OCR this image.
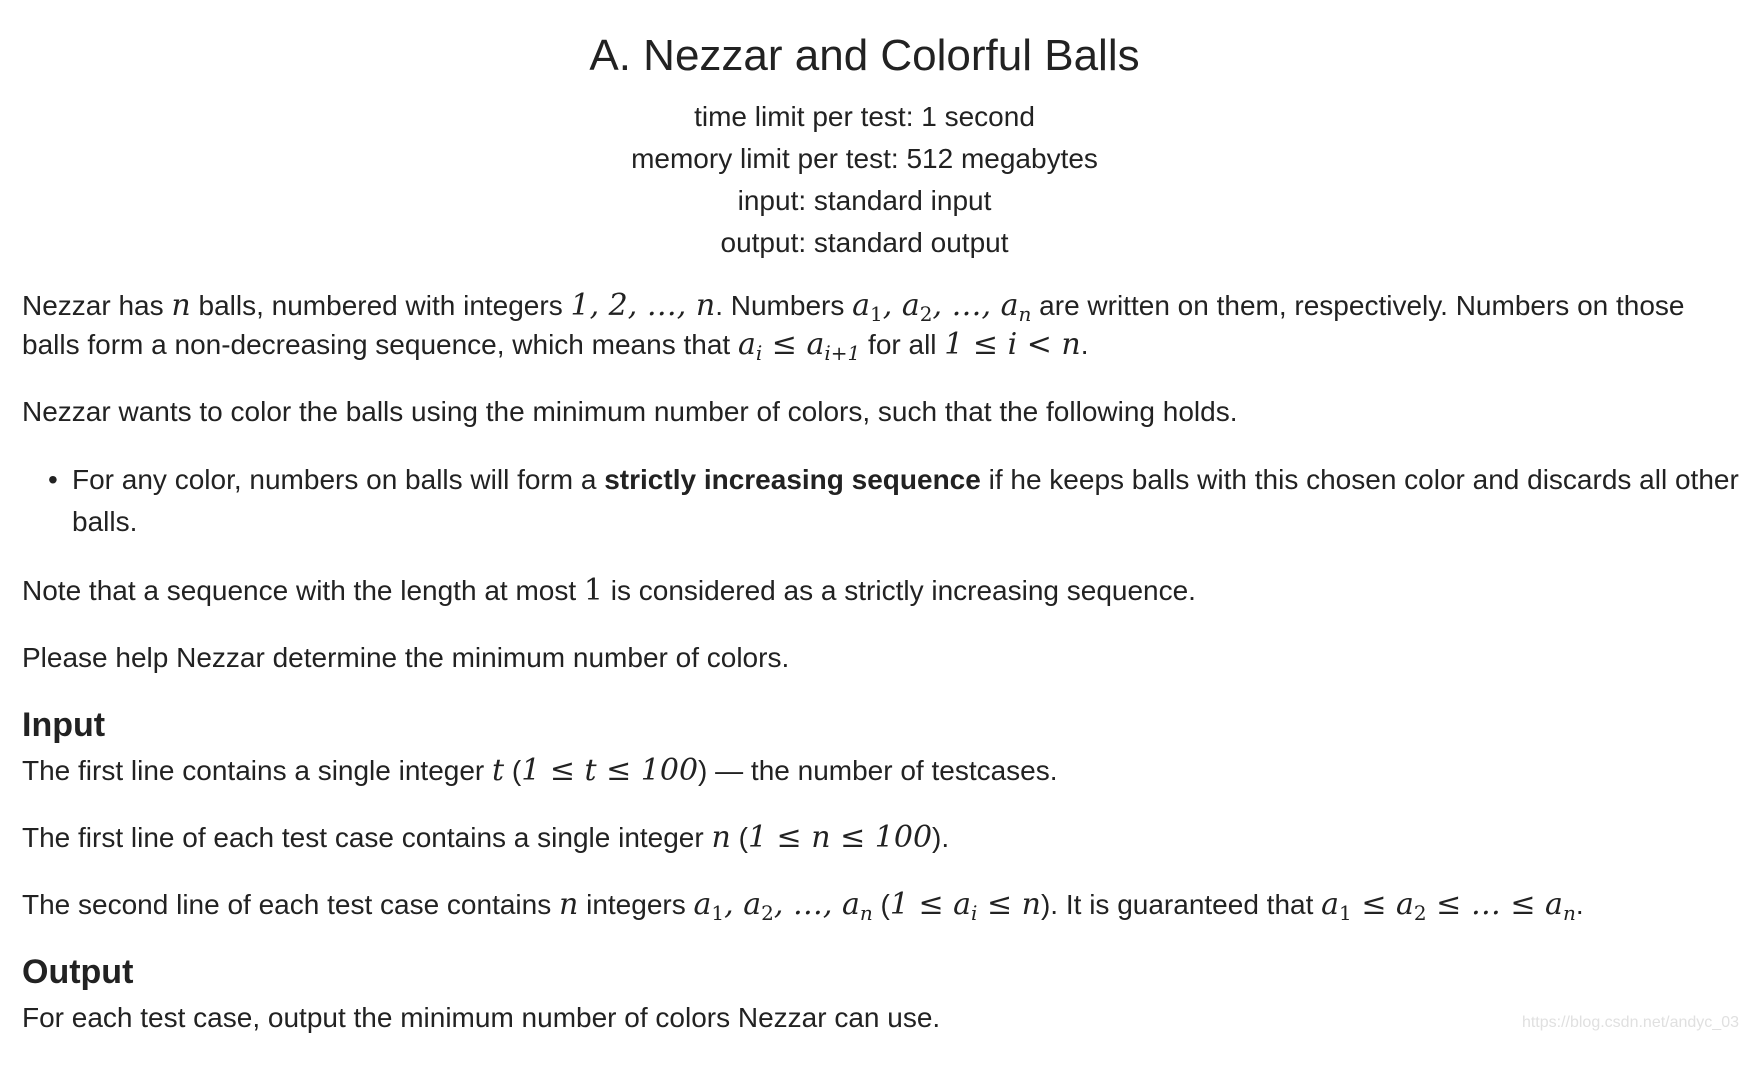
A. Nezzar and Colorful Balls
time limit per test: 1 second
memory limit per test: 512 megabytes
input: standard input
output: standard output

Nezzar has n balls, numbered with integers 1, 2, …, n. Numbers $a_1$, $a_2$, …, $a_n$ are written on them, respectively. Numbers on those balls form a non-decreasing sequence, which means that $a_i \le a_{i+1}$ for all 1 ≤ i < n.

Nezzar wants to color the balls using the minimum number of colors, such that the following holds.

• For any color, numbers on balls will form a strictly increasing sequence if he keeps balls with this chosen color and discards all other balls.

Note that a sequence with the length at most 1 is considered as a strictly increasing sequence.

Please help Nezzar determine the minimum number of colors.

Input

The first line contains a single integer t (1 ≤ t ≤ 100) — the number of testcases.

The first line of each test case contains a single integer n (1 ≤ n ≤ 100).

The second line of each test case contains n integers $a_1$, $a_2$, …, $a_n$ $(1 \le a_i \le n)$. It is guaranteed that $a_1 \le a_2$ ≤ … ≤ $a_n$.

Output

For each test case, output the minimum number of colors Nezzar can use.	https://blog.csdn.net/andyc_03
